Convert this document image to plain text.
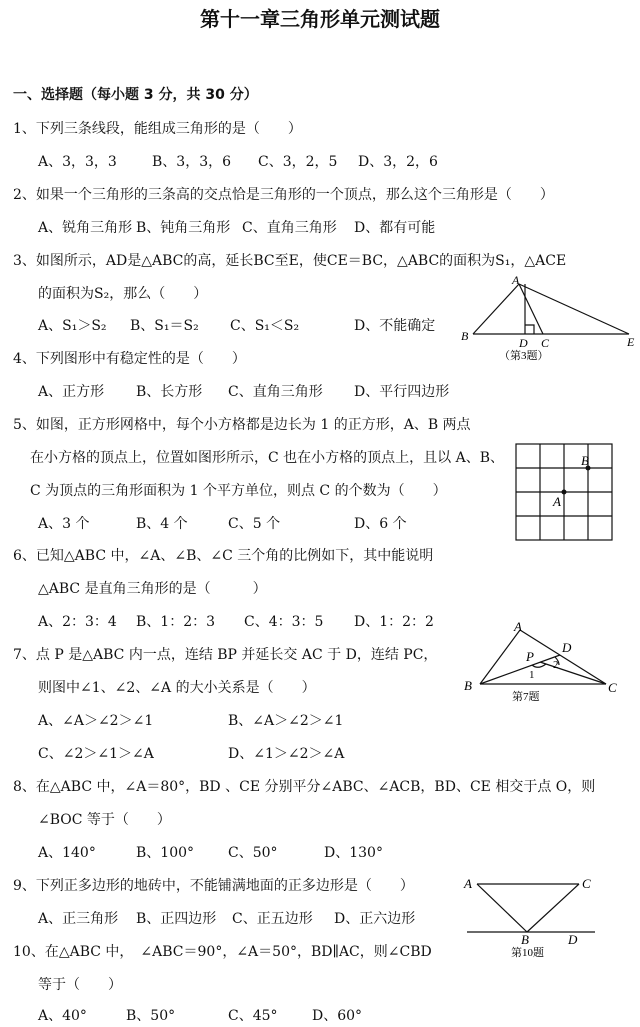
第十一章三角形单元测试题
一、选择题（每小题 3 分，共 30 分）
1、下列三条线段，能组成三角形的是（　　）
A、3，3，3	B、3，3，6 C、3，2，5 D、3，2，6
2、如果一个三角形的三条高的交点恰是三角形的一个顶点，那么这个三角形是（　　）
A、锐角三角形 B、钝角三角形 C、直角三角形 D、都有可能
3、如图所示，AD是△ABC的高，延长BC至E，使CE＝BC，△ABC的面积为S₁，△ACE
的面积为S₂，那么（　　）
A、S₁＞S₂ B、S₁＝S₂ C、S₁＜S₂	D、不能确定
A
B	D C	E
（第3题）
4、下列图形中有稳定性的是（　　）
A、正方形 B、长方形 C、直角三角形 D、平行四边形
5、如图，正方形网格中，每个小方格都是边长为 1 的正方形，A、B 两点
在小方格的顶点上，位置如图形所示，C 也在小方格的顶点上，且以 A、B、
C 为顶点的三角形面积为 1 个平方单位，则点 C 的个数为（　　）
A、3 个	B、4 个	C、5 个	D、6 个
A
B
6、已知△ABC 中，∠A、∠B、∠C 三个角的比例如下，其中能说明
△ABC 是直角三角形的是（　　　）
A、2：3：4 B、1：2：3 C、4：3：5 D、1：2：2
7、点 P 是△ABC 内一点，连结 BP 并延长交 AC 于 D，连结 PC，
则图中∠1、∠2、∠A 的大小关系是（　　）
A、∠A＞∠2＞∠1	B、∠A＞∠2＞∠1
C、∠2＞∠1＞∠A	D、∠1＞∠2＞∠A
A
B	C
D
P
1
2
第7题
8、在△ABC 中，∠A＝80°，BD 、CE 分别平分∠ABC、∠ACB，BD、CE 相交于点 O，则
∠BOC 等于（　　）
A、140°	B、100° C、50°	D、130°
9、下列正多边形的地砖中，不能铺满地面的正多边形是（　　）
A、正三角形 B、正四边形 C、正五边形 D、正六边形
10、在△ABC 中，　∠ABC＝90°，∠A＝50°，BD∥AC，则∠CBD
等于（　　）
A、40°	B、50°	C、45° D、60°
A	C
B	D
第10题
